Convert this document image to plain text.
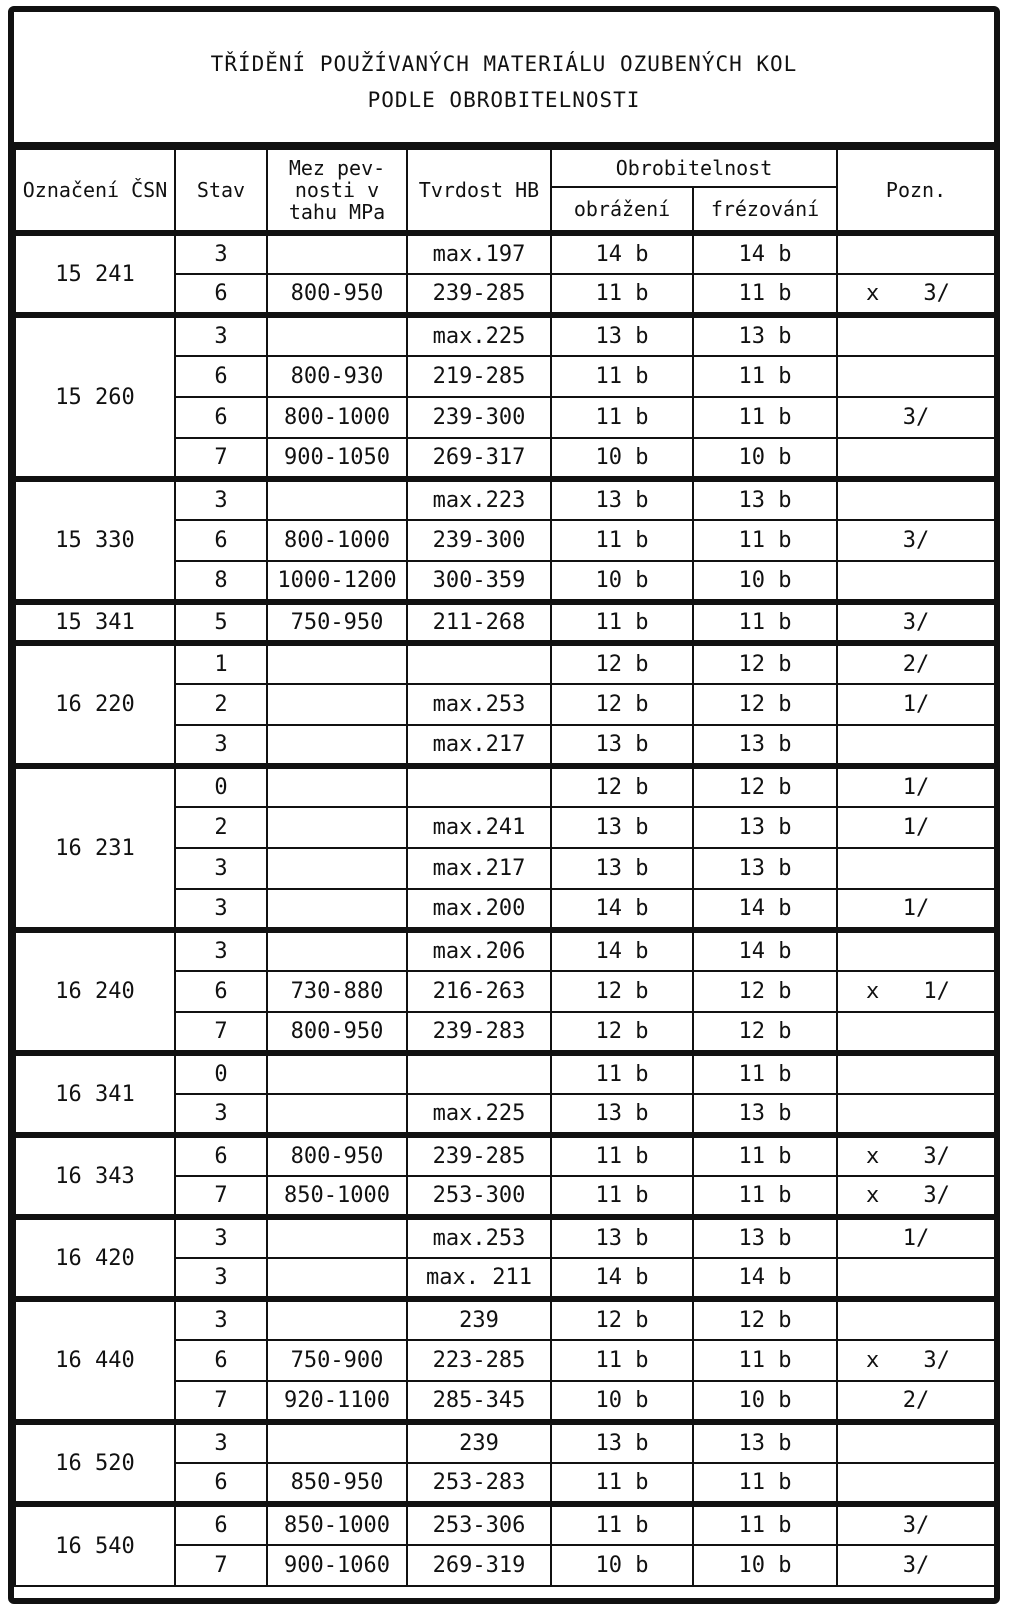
TŘÍDĚNÍ POUŽÍVANÝCH MATERIÁLU OZUBENÝCH KOL
PODLE OBROBITELNOSTI
Označení ČSN	Stav	Mez pev- nosti v tahu MPa	Tvrdost HB	Obrobitelnost		Pozn.
				obrážení	frézování	
15 241	3		max.197	14 b	14 b	

	6	800-950	239-285	11 b	11 b	x 3/
15 260	3		max.225	13 b	13 b	

	6	800-930	219-285	11 b	11 b	

	6	800-1000	239-300	11 b	11 b	3/
	7	900-1050	269-317	10 b	10 b	

15 330	3		max.223	13 b	13 b	

	6	800-1000	239-300	11 b	11 b	3/
	8	1000-1200	300-359	10 b	10 b	

15 341	5	750-950	211-268	11 b	11 b	3/
16 220	1			12 b	12 b	2/
	2		max.253	12 b	12 b	1/
	3		max.217	13 b	13 b	

16 231	0			12 b	12 b	1/
	2		max.241	13 b	13 b	1/
	3		max.217	13 b	13 b	

	3		max.200	14 b	14 b	1/
16 240	3		max.206	14 b	14 b	

	6	730-880	216-263	12 b	12 b	x 1/
	7	800-950	239-283	12 b	12 b	

16 341	0			11 b	11 b	

	3		max.225	13 b	13 b	

16 343	6	800-950	239-285	11 b	11 b	x 3/
	7	850-1000	253-300	11 b	11 b	x 3/
16 420	3		max.253	13 b	13 b	1/
	3		max. 211	14 b	14 b	

16 440	3		239	12 b	12 b	

	6	750-900	223-285	11 b	11 b	x 3/
	7	920-1100	285-345	10 b	10 b	2/
16 520	3		239	13 b	13 b	

	6	850-950	253-283	11 b	11 b	

16 540	6	850-1000	253-306	11 b	11 b	3/
	7	900-1060	269-319	10 b	10 b	3/
